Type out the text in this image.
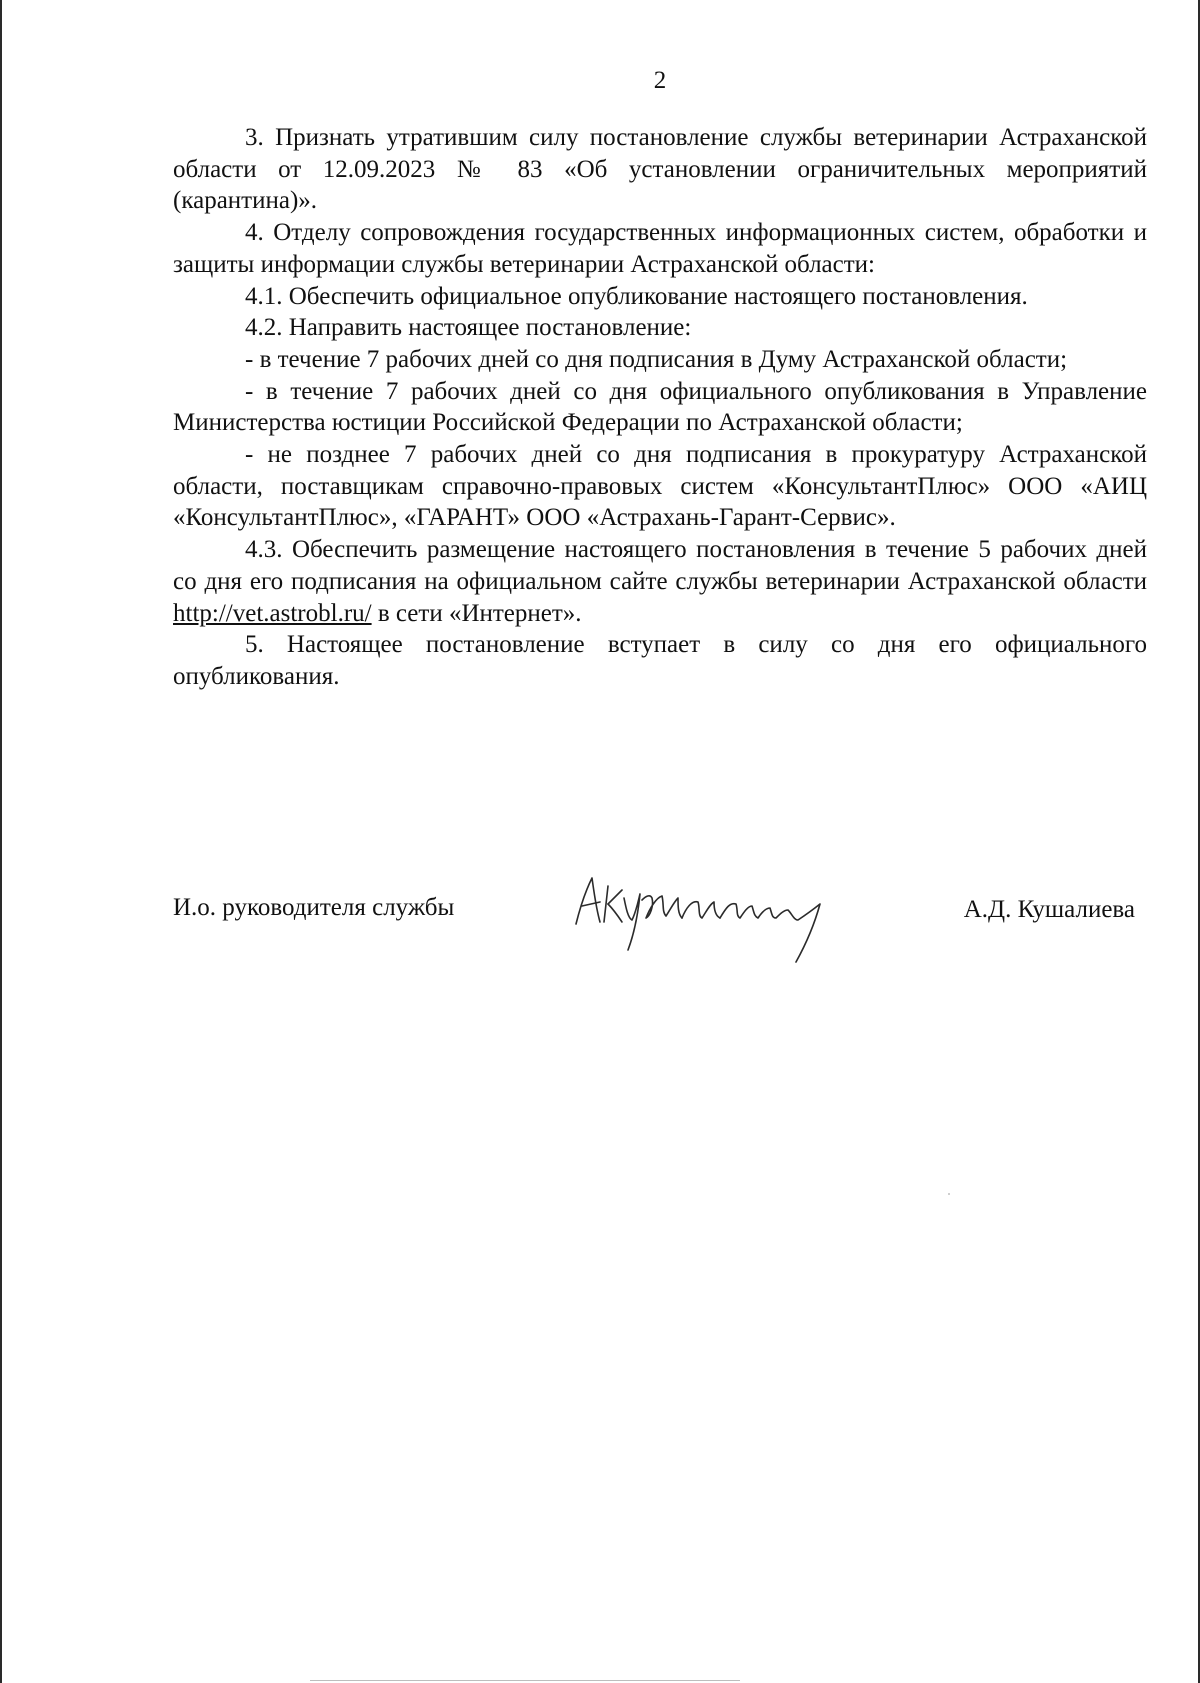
2

3. Признать утратившим силу постановление службы ветеринарии Астраханской области от 12.09.2023 № 83 «Об установлении ограничительных мероприятий (карантина)».

4. Отделу сопровождения государственных информационных систем, обработки и защиты информации службы ветеринарии Астраханской области:

4.1. Обеспечить официальное опубликование настоящего постановления.

4.2. Направить настоящее постановление:

- в течение 7 рабочих дней со дня подписания в Думу Астраханской области;

- в течение 7 рабочих дней со дня официального опубликования в Управление Министерства юстиции Российской Федерации по Астраханской области;

- не позднее 7 рабочих дней со дня подписания в прокуратуру Астраханской области, поставщикам справочно-правовых систем «КонсультантПлюс» ООО «АИЦ «КонсультантПлюс», «ГАРАНТ» ООО «Астрахань-Гарант-Сервис».

4.3. Обеспечить размещение настоящего постановления в течение 5 рабочих дней со дня его подписания на официальном сайте службы ветеринарии Астраханской области http://vet.astrobl.ru/ в сети «Интернет».

5. Настоящее постановление вступает в силу со дня его официального опубликования.

И.о. руководителя службы	А.Д. Кушалиева
